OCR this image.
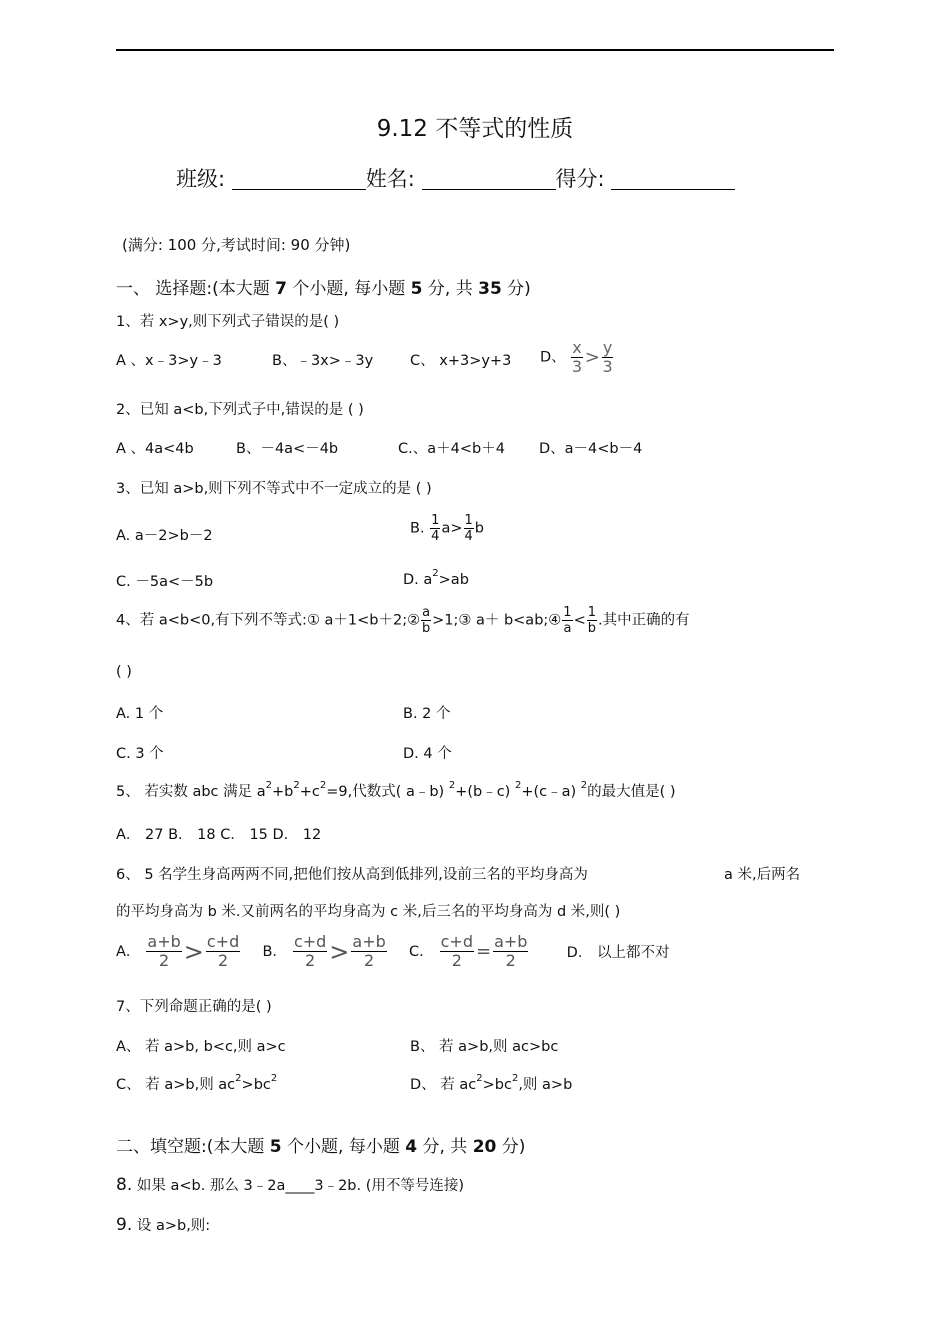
9.12 不等式的性质
班级:	姓名:	得分:
(满分: 100 分,考试时间: 90 分钟)
一、 选择题:(本大题 7 个小题, 每小题 5 分, 共 35 分)
1、若 x>y,则下列式子错误的是( )
A 、x﹣3>y﹣3	B、﹣3x>﹣3y	C、 x+3>y+3 D、 $\frac{x}{3} > \frac{y}{3}$
2、已知 a<b,下列式子中,错误的是 ( )
A 、4a<4b	B、－4a<－4b	C.、a＋4<b＋4 D、a－4<b－4
3、已知 a>b,则下列不等式中不一定成立的是 ( )
A. a－2>b－2	B. $\frac{1}{4} a> \frac{1}{4}$ b
C. －5a<－5b	D. $a^2>ab$
4、若 a<b<0,有下列不等式:① a＋1<b＋2;② $\frac{a}{b}$ >1;③ a＋ b<ab;④ $\frac{1}{a} < \frac{1}{b}$ .其中正确的有
( )
A. 1 个	B. 2 个
C. 3 个	D. 4 个
5、 若实数 abc 满足 $a^2+b^2+c^2=9$,代数式( a﹣b) $^2$+(b﹣c) $^2$+(c﹣a) $^2$的最大值是( )
A． 27 B． 18 C． 15 D． 12
6、 5 名学生身高两两不同,把他们按从高到低排列,设前三名的平均身高为	a 米,后两名
的平均身高为 b 米.又前两名的平均身高为 c 米,后三名的平均身高为 d 米,则( )
A． $\frac{a+b}{2} > \frac{c+d}{2}$ B． $\frac{c+d}{2} > \frac{a+b}{2}$ C． $\frac{c+d}{2} = \frac{a+b}{2}$	D． 以上都不对
7、下列命题正确的是( )
A、 若 a>b, b<c,则 a>c	B、 若 a>b,则 ac>bc
C、 若 a>b,则 $ac^2>bc^2$	D、 若 $ac^2>bc^2$,则 a>b
二、填空题:(本大题 5 个小题, 每小题 4 分, 共 20 分)
8. 如果 a<b. 那么 3﹣2a____3﹣2b. (用不等号连接)
9. 设 a>b,则:
